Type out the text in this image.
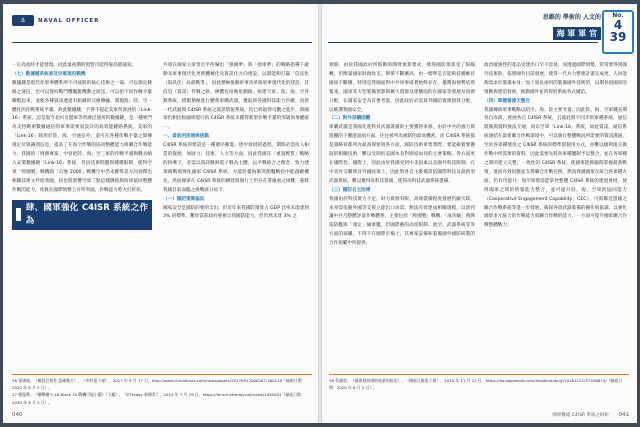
⚓	NAVAL OFFICER

一定高度時才能發現，因此最初期的預警可能得靠高層通知。

（七）數據鏈系統普及空軍現役戰機

數據鏈是現代化軍事體系所不可或缺的核心技術之一部，可以測定鏈路之通信，也可以保持戰鬥機艦艇機動之接送，可以把不同作戰平臺聯繫起來，並使各種資訊透過有組織的交換傳輸、實現海、陸、空一體化的作戰系統平臺。故此數據鏈，不得不提起美軍所發展的「Link-16」系統，這是現今北約及盟軍等所廣泛使用的數據鏈，是一種專門為支持戰術數據通信的軍事需要而設計的高效能鏈路系統。美軍的「Link-16」除用於陸、海、空通信外，還可在各種作戰平臺之間傳遞定位與識別信息，提高了在海空作戰的協同整體能力與聯合作戰能力。我國的「博勝專案」中曾把陸、海、空三軍的作戰平臺與戰具納入安裝數據鏈「Link-16」系統，但因技術問題與種種限制，使得空軍「經國號」戰機與「幻象 2000」戰機空中仍未獲得美方同意釋出相關技術文件給我國，故也將影響空軍三點這樣鏈路與海軍協同整體作戰的能力，希冀在國際情勢上有所突破，作戰能力將大打折扣。

肆、國軍強化 C4ISR 系統之作為

共軍在國家主席習近平所喊出「強國夢」與「強軍夢」的戰略指導下啟動及軍事現代化更新機械化及資訊化方向建設，以期能夠打贏「信息化（資訊化）局部戰爭」，因此積極推動軍事改革與軍事現代化的建設，其信息（資訊）作戰之軟、硬體包括衛星網路、組建天軍、陸、海、空各類系統，搭配積極進行體系軍購武器，獲取與各國科技能力匹敵。而新一代武器與 C4ISR 系統之資訊情報系統，均已經取得可觀之進步，與國軍仍相比較國軍現行的 C4ISR 系統未獲得新型作戰平臺的突破與事權統一。

一、當前的困境與挑戰

C4ISR 系統的建設是一種循序漸進、逐步發展的過程，期間必需投入相當的資源，如財力、技術、人力等方面，因此我國在「重量輕質」戰略的指導下，必需以資訊戰與電子戰為主體，以平戰結合之理念，致力建軍備戰與強化國軍 C4ISR 系統，方能於臺海衝突開鑿戰役中能創敵機先。然而國軍在 C4ISR 系統的構建與執行上仍存在著嚴重之困難，茲將我國目前面臨之挑戰區分如下：

（一）國防預算偏低

國家安全是國防的要的支出，但近年來我國防預算占 GDP 比率未能達到 3% 的標準，難於當前政府重視自我國防能力，但仍然未達 3% 之

26 張國城，《關島巴黎性 認確雙方》，《中時電子報》，2017 年 9 月 17 日，http://www.chinatimes.com/newspapers/20170917000267-260110（檢索日期：2020 年 8 月 2 日）。

27 楊俊興，《殲擊殲 F-16 Block 70 戰機可能小蘿》（下載），《ETtoday 新聞雲》，2019 年 7 月 29 日，https://forum.ettoday.net/news/1495051（檢索日期：2020 年 8 月 2 日）。

040
思維的 學術的 人文的
海 軍 軍 官
No.
4
39

預期，由於我國政府所推動的開發預算要求，使得國防預算受了限縮轉，但衡量國家財政收支、舉債不斷擴高，由一標準是否能夠持續維持國軍不斷擴。特別是我國面對中共軍事威脅始終存在，臺灣海情勢依然緊張，國軍等大型裝備預算與擴大資源及建構面的在國家等發展及資源分配，在國家安全為首要考量，因此政府必需寬列國防資源預算分配，以維護我國安全。

（二）對外採購困難

軍購武器是我國先進科技武器裝備的主要獲得來源，由於中共的強力與阻擾的干擾遊說兩方面，往往被列為國防的最高機密，而 C4ISR 系統都是策略買都列為最高保密與各方面，國防技術軍售實際，要能確實要獲取的相關技術，難以受制於美國本身對國家如何的主要策略。各方面更在國際性、國際上，因此由於我國受到中美因素以及國外科技限制，在中美外交關係及外國政策上，因此對各自主裝備需依國際科技及最新型武器系統，難以獲得高科技裝備，使得高科技武器系統裝備。

（三）國防自主困境

我國由於科技實力不足，財力資源有限、高端裝備程度發展仍顯欠缺，本身需依賴外國等支援立即出口而需，無法有效建成相關規模，以達到讓中共乃整體評量作戰體系，主要包括「經國號」戰機、「成功級」飛彈巡防艦與「康定」級軍艦，但國際藝的高度限制、航空、武器系統等等方面的採購，不得不在國際市場上，其專案設備和裝備國外國防研製的合作規範中所提供。

政治敏感性的產品受建出口至不容易，而透過國際情勢，常常要得到國外技術的，依照國外目前發展，使得一代兵力整建計畫完成更，人員能夠需求於裝備本身；加上軍民兩用的裝備國外技術的，以期各項國軍的推動與建造發展，推動國外並所得的系統各式國防。

（四）軍種資源欠整合

我國傳統軍事戰略以防空、海、陸主要考量，因此陸、海、空軍種長期各自為政、發展各自 C4ISR 系統，且彼此間不同步的軍種系統，通信裝備與資料無法互通，而以空軍「Link-16」系統，如此資訊、通信系統連結在最新聯合作戰環境中，可以執行整體戰況所需要的資訊溝通，至於各軍種使用之 C4ISR 系統的標準與使用方式，亦難以順利地交換作戰中所需要的資料，因此需要先將各軍種體制予以整合，並在各軍種之間的建立完整、一致性的 C4ISR 系統，使國軍能夠隨時掌握最新戰情，進而有效因應並支援聯合作戰任務。然而我國國軍在統合各軍種方面，仍有待提升；海空軍將需能掌控整體 C4ISR 系統的建置發展，使得國軍之間的情報能力整合，並可提升陸、海、空軍的協同能力（Cooperative Engagement Capability，CEC），可與鄰近盟國之聯合作戰系統等進一步發展，確保各項武器裝備的操作與協調，以強化國軍多元統合的作戰能力與聯合作戰的能力，一方面可提升國軍聯合作戰整體戰力。

28 蔡錦富，《臺海發展國防產業的政治》，《國軍日報電子報》，2016 年 11 月 21 日，https://tw.appledaily.com/headline/daily/20161121/37458874/（檢索日期：2020 年 8 月 2 日）。

國軍構建 C4ISR 系統之研析 041
